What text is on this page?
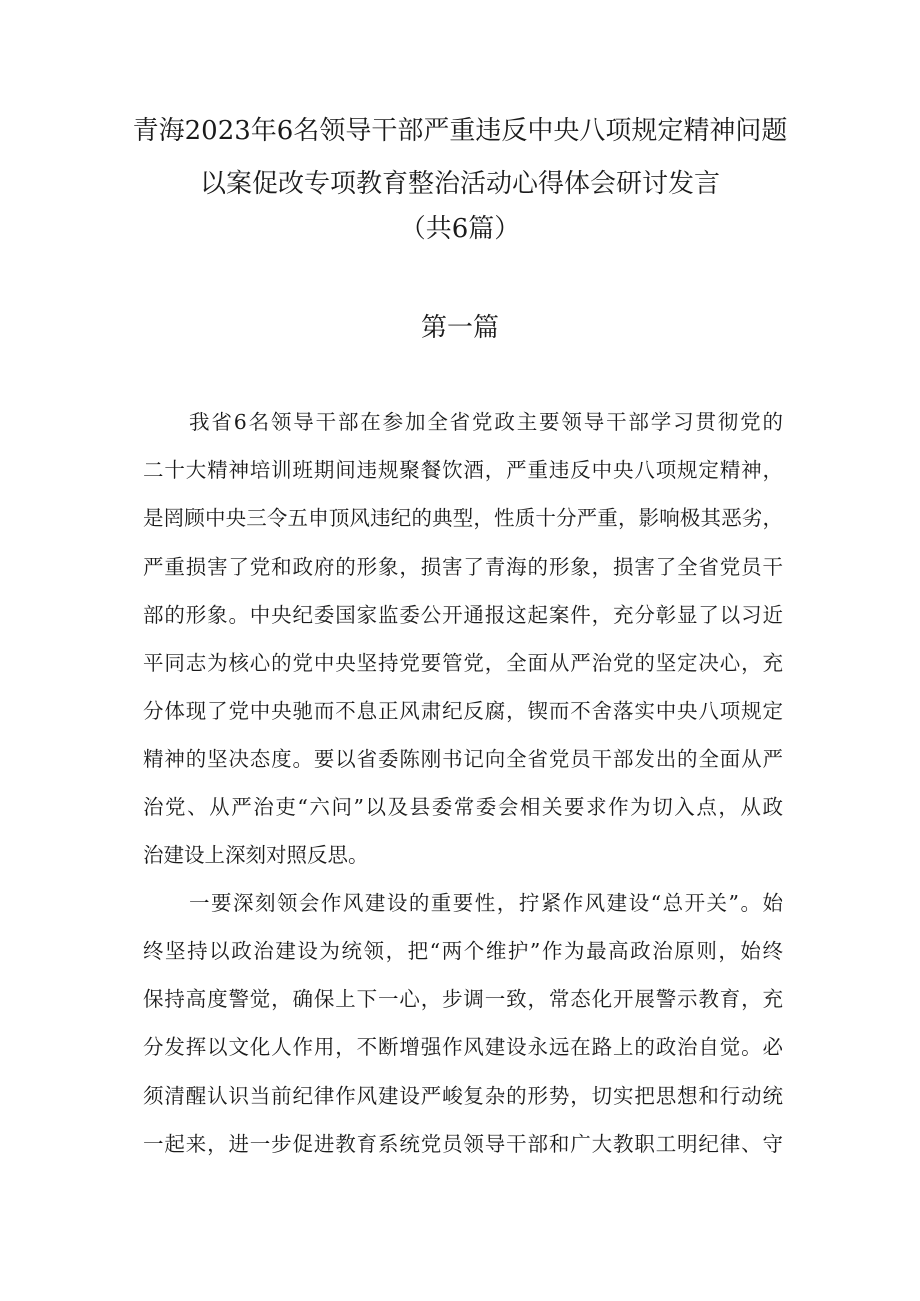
青海2023年6名领导干部严重违反中央八项规定精神问题
以案促改专项教育整治活动心得体会研讨发言
（共6篇）
第一篇
我省6名领导干部在参加全省党政主要领导干部学习贯彻党的
二十大精神培训班期间违规聚餐饮酒，严重违反中央八项规定精神，
是罔顾中央三令五申顶风违纪的典型，性质十分严重，影响极其恶劣，
严重损害了党和政府的形象，损害了青海的形象，损害了全省党员干
部的形象。中央纪委国家监委公开通报这起案件，充分彰显了以习近
平同志为核心的党中央坚持党要管党，全面从严治党的坚定决心，充
分体现了党中央驰而不息正风肃纪反腐，锲而不舍落实中央八项规定
精神的坚决态度。要以省委陈刚书记向全省党员干部发出的全面从严
治党、从严治吏“六问”以及县委常委会相关要求作为切入点，从政
治建设上深刻对照反思。
一要深刻领会作风建设的重要性，拧紧作风建设“总开关”。始
终坚持以政治建设为统领，把“两个维护”作为最高政治原则，始终
保持高度警觉，确保上下一心，步调一致，常态化开展警示教育，充
分发挥以文化人作用，不断增强作风建设永远在路上的政治自觉。必
须清醒认识当前纪律作风建设严峻复杂的形势，切实把思想和行动统
一起来，进一步促进教育系统党员领导干部和广大教职工明纪律、守
